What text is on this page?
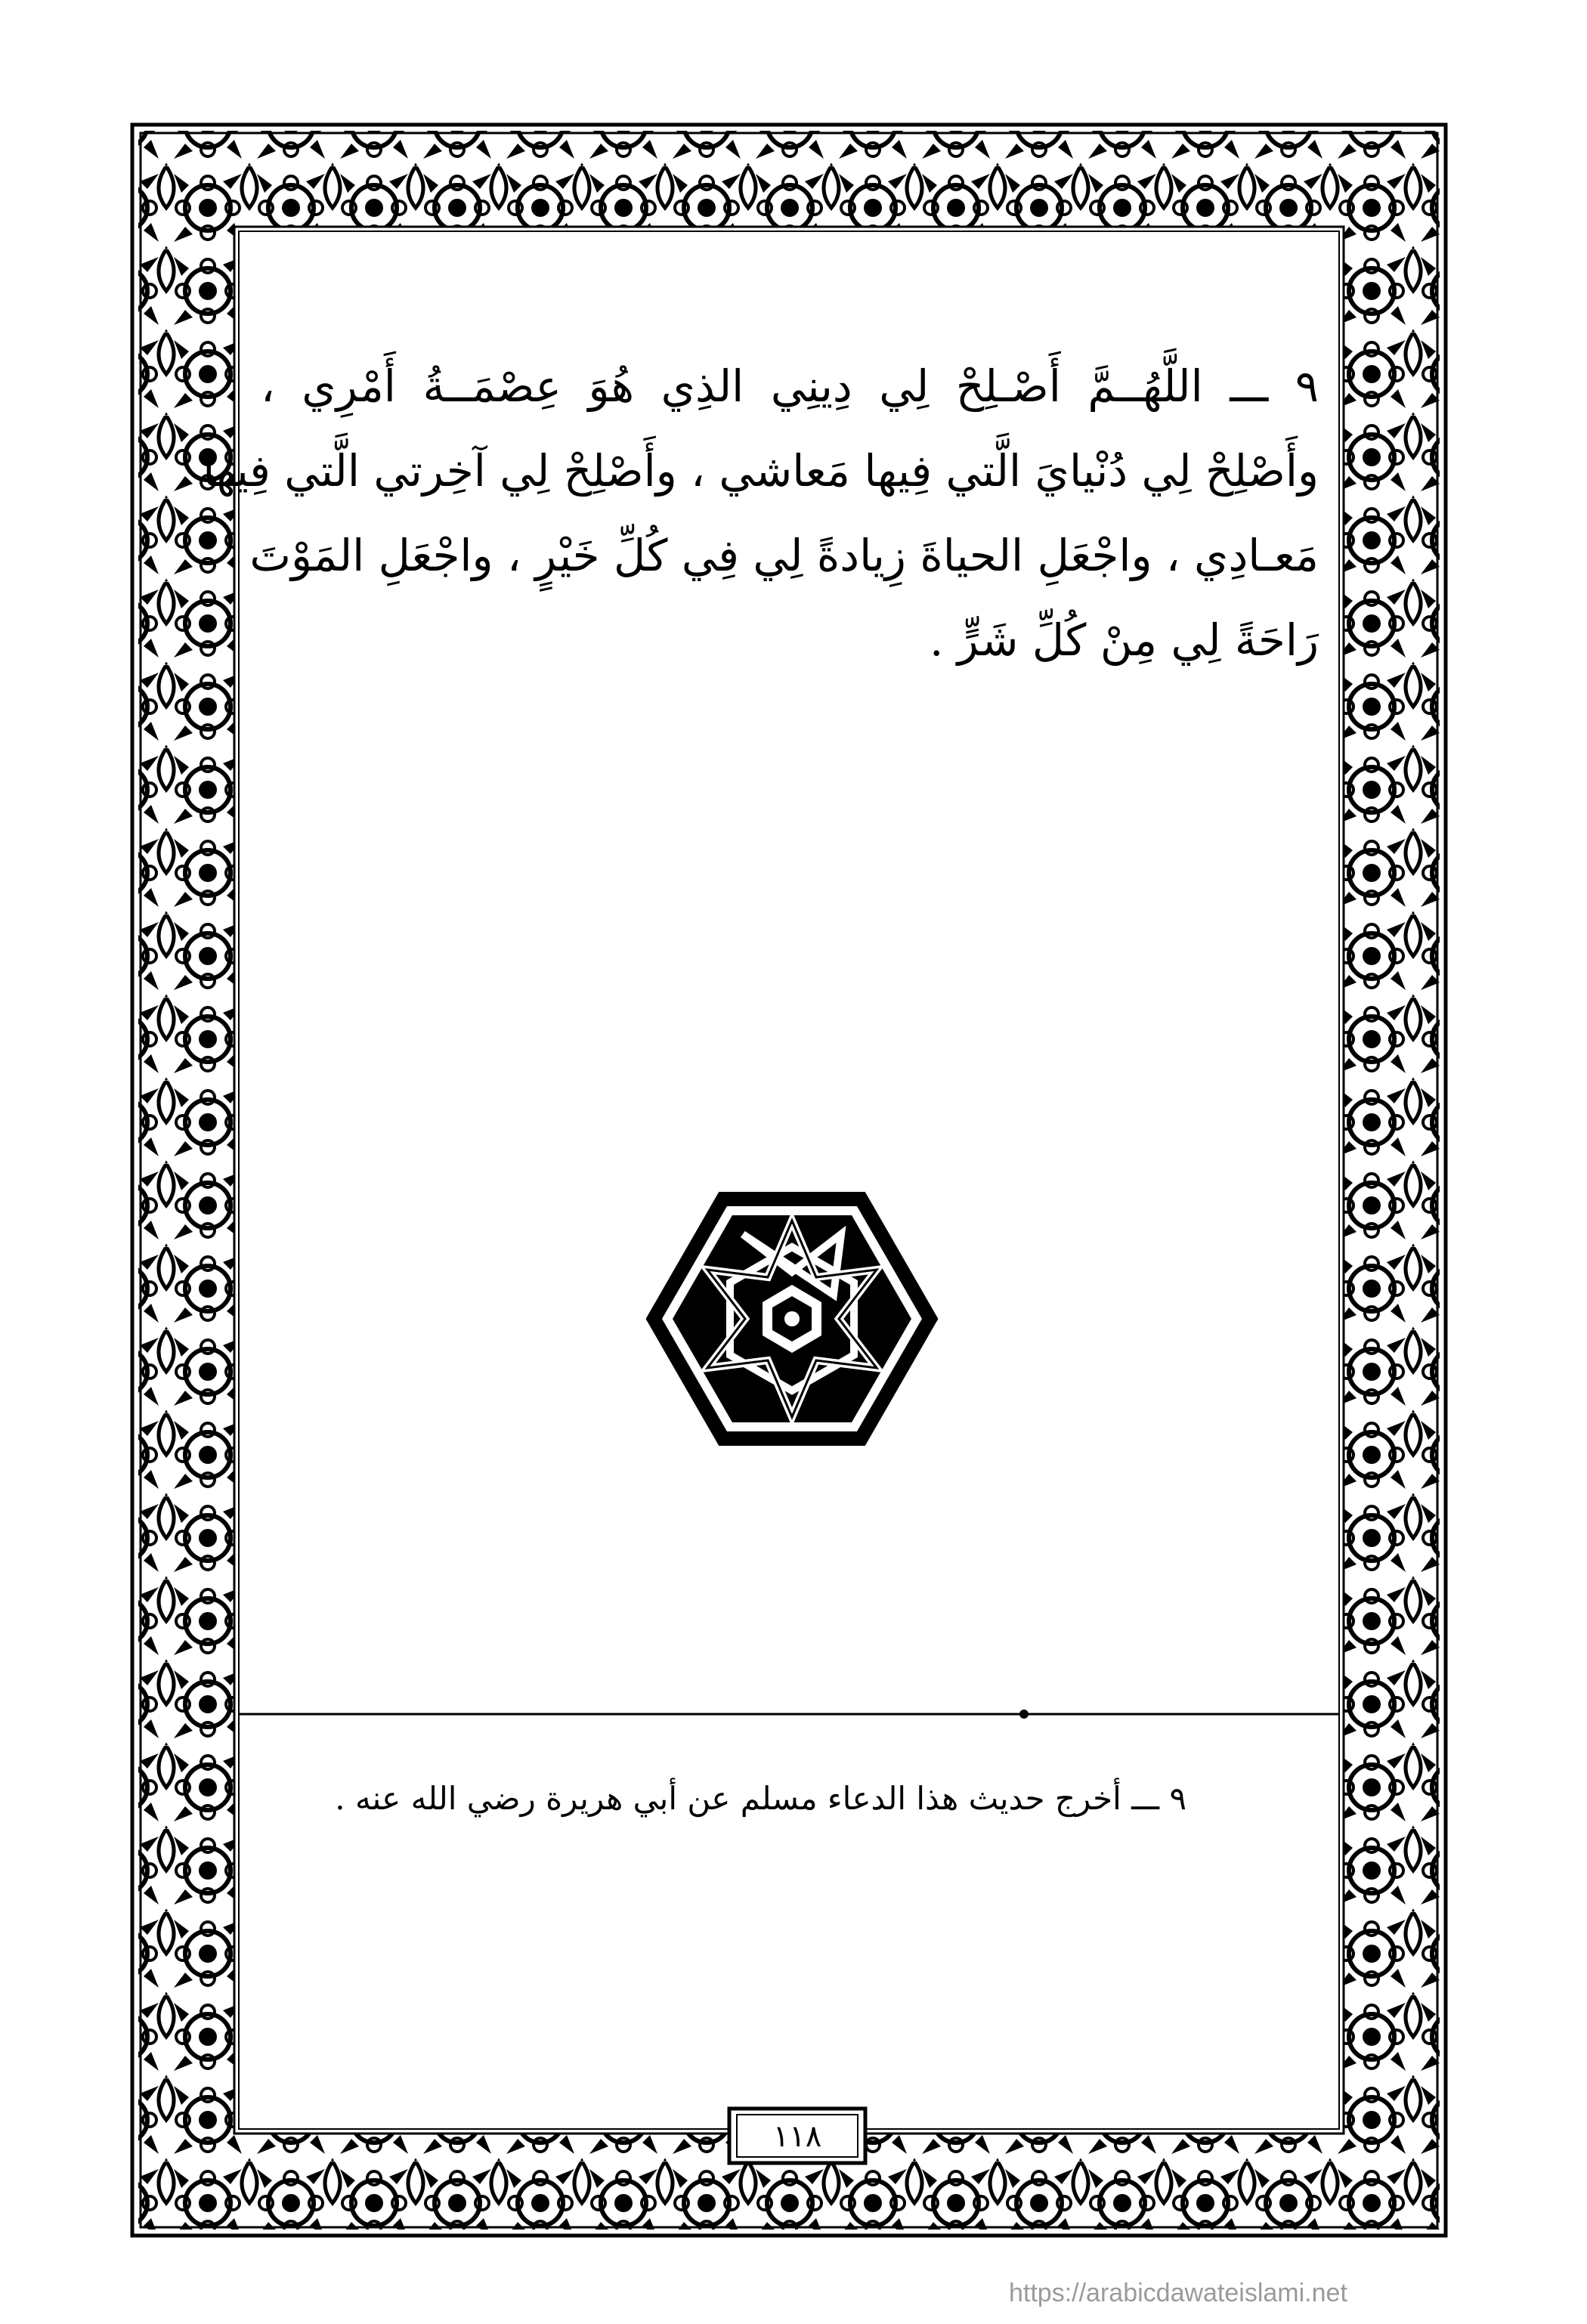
٩ ـــ اللَّهُــمَّ أَصْـلِحْ لِي دِينِي الذِي هُوَ عِصْمَــةُ أَمْرِي ،
وأَصْلِحْ لِي دُنْيايَ الَّتي فِيها مَعاشي ، وأَصْلِحْ لِي آخِرتي الَّتي فِيها
مَعـادِي ، واجْعَلِ الحياةَ زِيادةً لِي فِي كُلِّ خَيْرٍ ، واجْعَلِ المَوْتَ
رَاحَةً لِي مِنْ كُلِّ شَرٍّ .
٩ ـــ أخرج حديث هذا الدعاء مسلم عن أبي هريرة رضي الله عنه .
١١٨
https://arabicdawateislami.net
